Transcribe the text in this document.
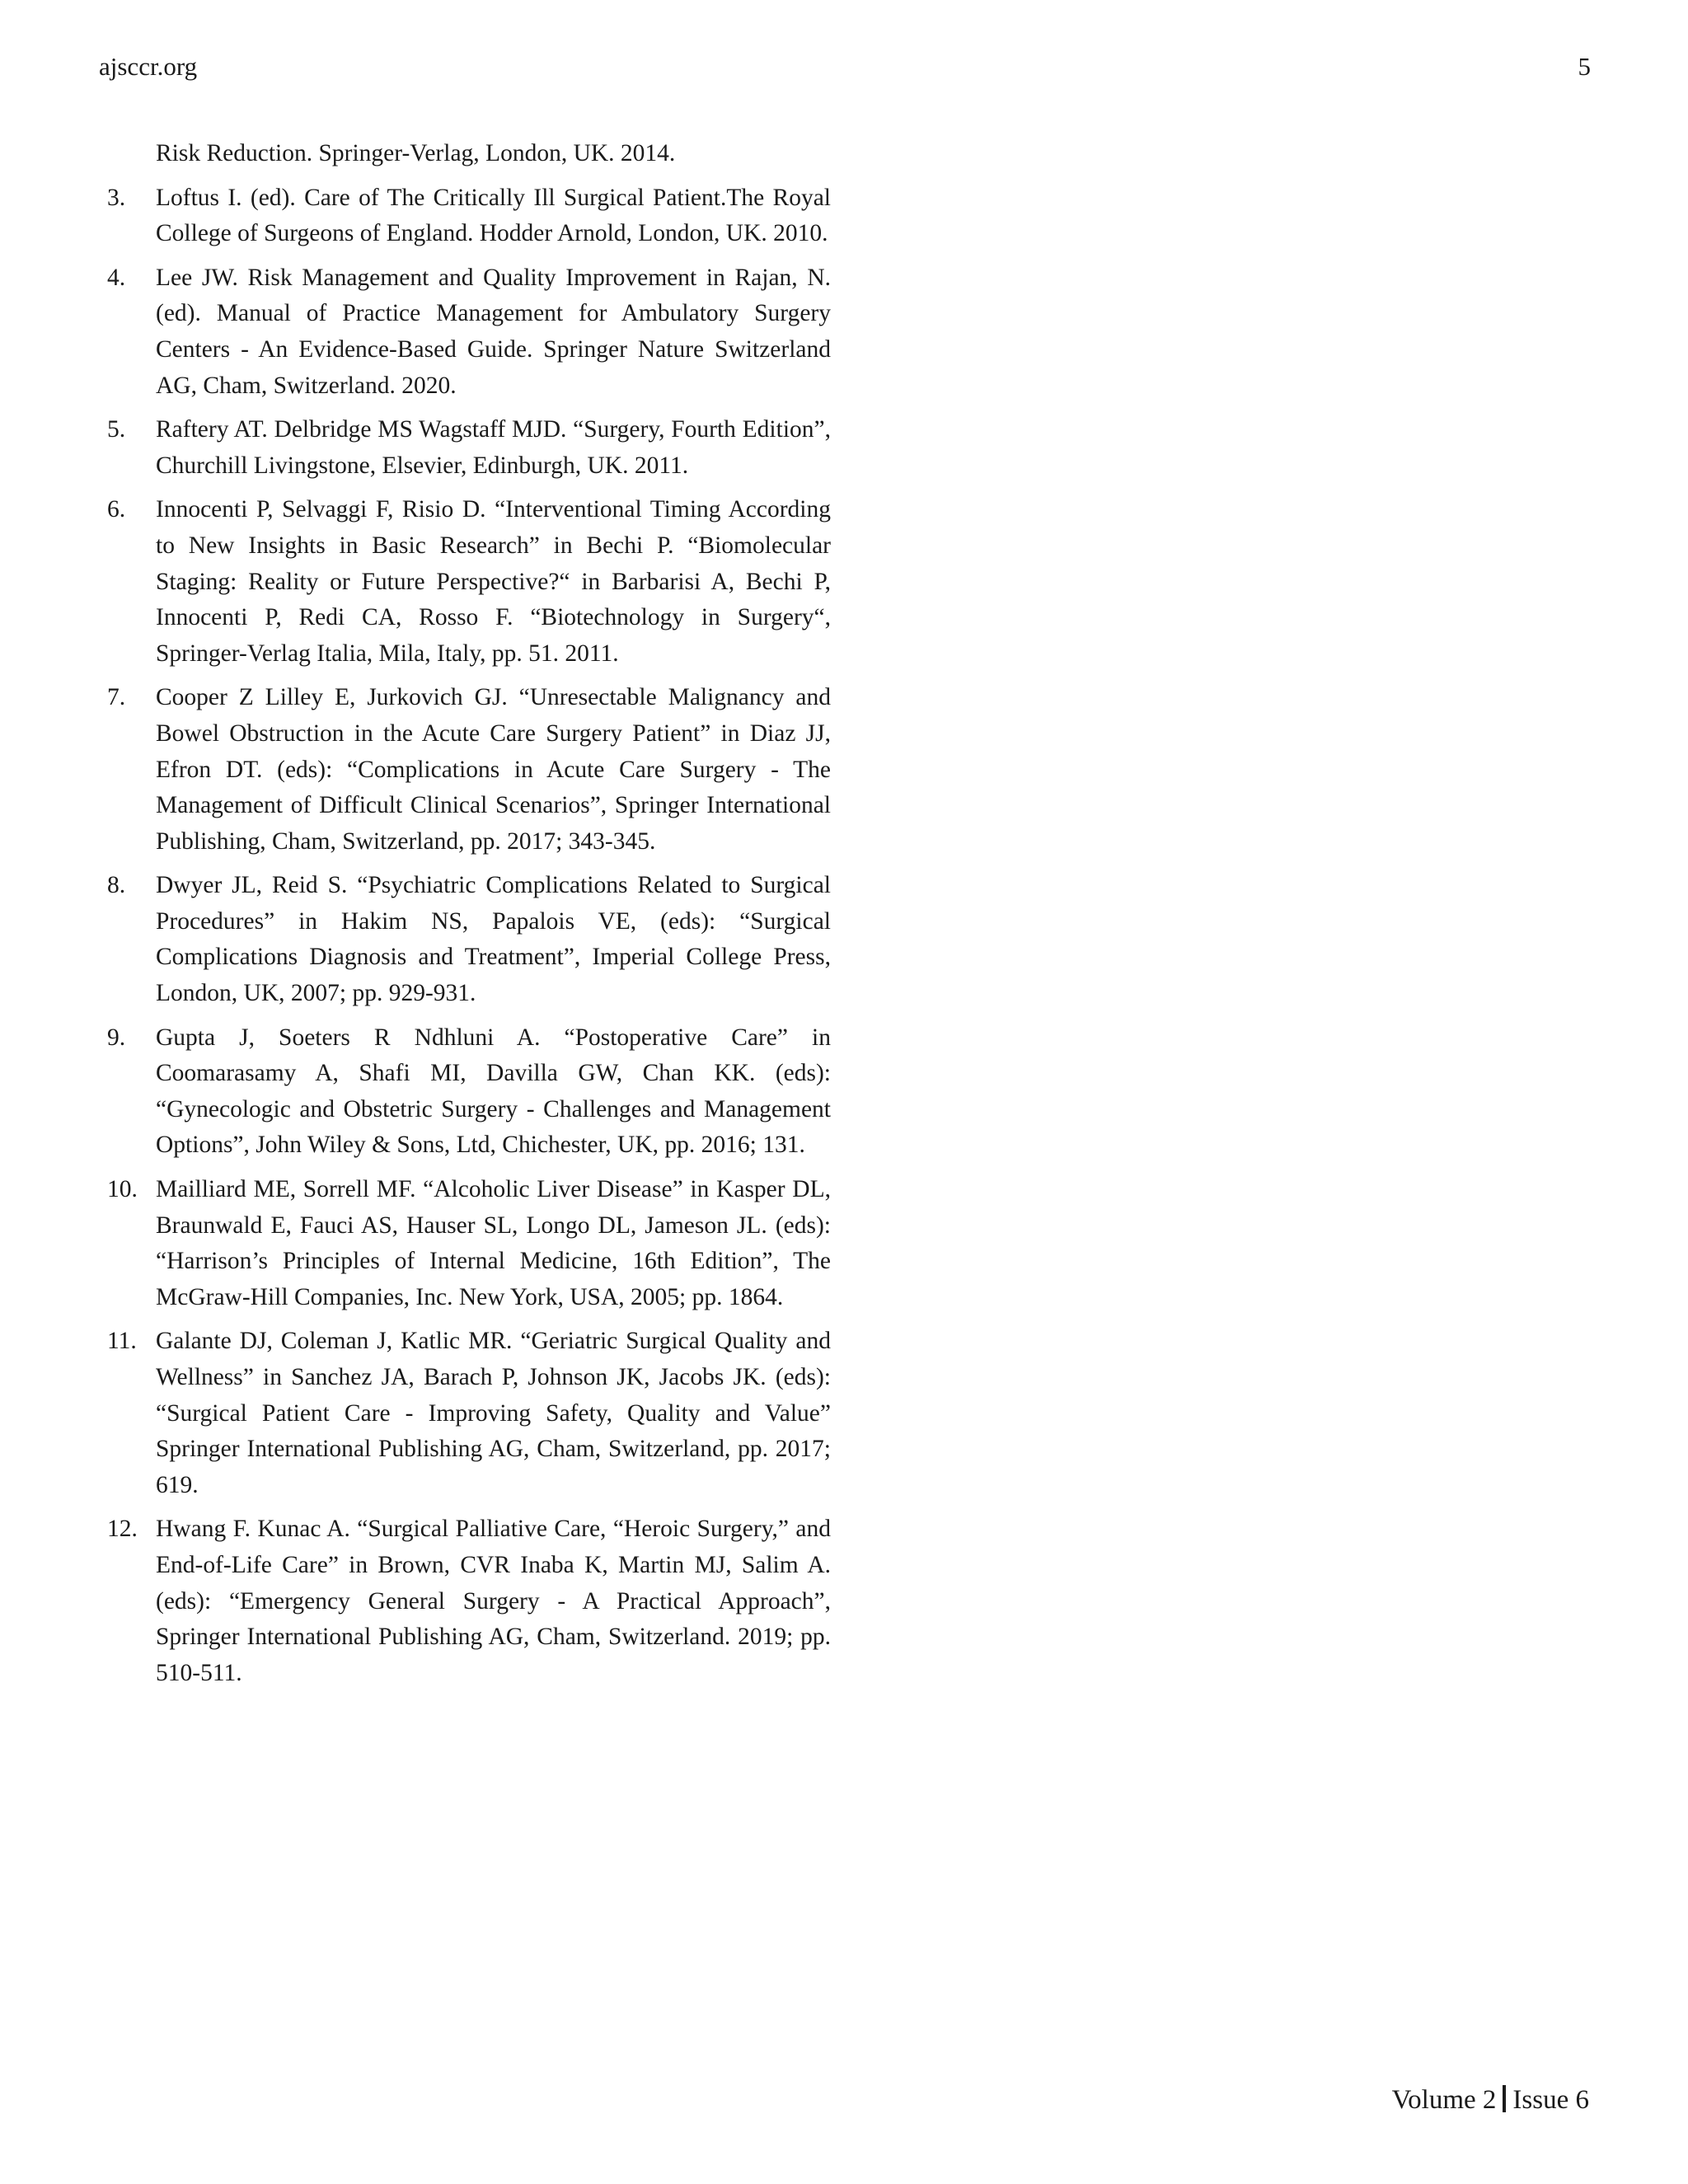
ajsccr.org	5
Risk Reduction. Springer-Verlag, London, UK. 2014.
3. Loftus I. (ed). Care of The Critically Ill Surgical Patient.The Royal College of Surgeons of England. Hodder Arnold, London, UK. 2010.
4. Lee JW. Risk Management and Quality Improvement in Rajan, N. (ed). Manual of Practice Management for Ambulatory Surgery Centers - An Evidence-Based Guide. Springer Nature Switzerland AG, Cham, Switzerland. 2020.
5. Raftery AT. Delbridge MS Wagstaff MJD. “Surgery, Fourth Edition”, Churchill Livingstone, Elsevier, Edinburgh, UK. 2011.
6. Innocenti P, Selvaggi F, Risio D. “Interventional Timing According to New Insights in Basic Research” in Bechi P. “Biomolecular Staging: Reality or Future Perspective?“ in Barbarisi A, Bechi P, Innocenti P, Redi CA, Rosso F. “Biotechnology in Surgery“, Springer-Verlag Italia, Mila, Italy, pp. 51. 2011.
7. Cooper Z Lilley E, Jurkovich GJ. “Unresectable Malignancy and Bowel Obstruction in the Acute Care Surgery Patient” in Diaz JJ, Efron DT. (eds): “Complications in Acute Care Surgery - The Management of Difficult Clinical Scenarios”, Springer International Publishing, Cham, Switzerland, pp. 2017; 343-345.
8. Dwyer JL, Reid S. “Psychiatric Complications Related to Surgical Procedures” in Hakim NS, Papalois VE, (eds): “Surgical Complications Diagnosis and Treatment”, Imperial College Press, London, UK, 2007; pp. 929-931.
9. Gupta J, Soeters R Ndhluni A. “Postoperative Care” in Coomarasamy A, Shafi MI, Davilla GW, Chan KK. (eds): “Gynecologic and Obstetric Surgery - Challenges and Management Options”, John Wiley & Sons, Ltd, Chichester, UK, pp. 2016; 131.
10. Mailliard ME, Sorrell MF. “Alcoholic Liver Disease” in Kasper DL, Braunwald E, Fauci AS, Hauser SL, Longo DL, Jameson JL. (eds): “Harrison’s Principles of Internal Medicine, 16th Edition”, The McGraw-Hill Companies, Inc. New York, USA, 2005; pp. 1864.
11. Galante DJ, Coleman J, Katlic MR. “Geriatric Surgical Quality and Wellness” in Sanchez JA, Barach P, Johnson JK, Jacobs JK. (eds): “Surgical Patient Care - Improving Safety, Quality and Value” Springer International Publishing AG, Cham, Switzerland, pp. 2017; 619.
12. Hwang F. Kunac A. “Surgical Palliative Care, “Heroic Surgery,” and End-of-Life Care” in Brown, CVR Inaba K, Martin MJ, Salim A. (eds): “Emergency General Surgery - A Practical Approach”, Springer International Publishing AG, Cham, Switzerland. 2019; pp. 510-511.
Volume 2 Issue 6
